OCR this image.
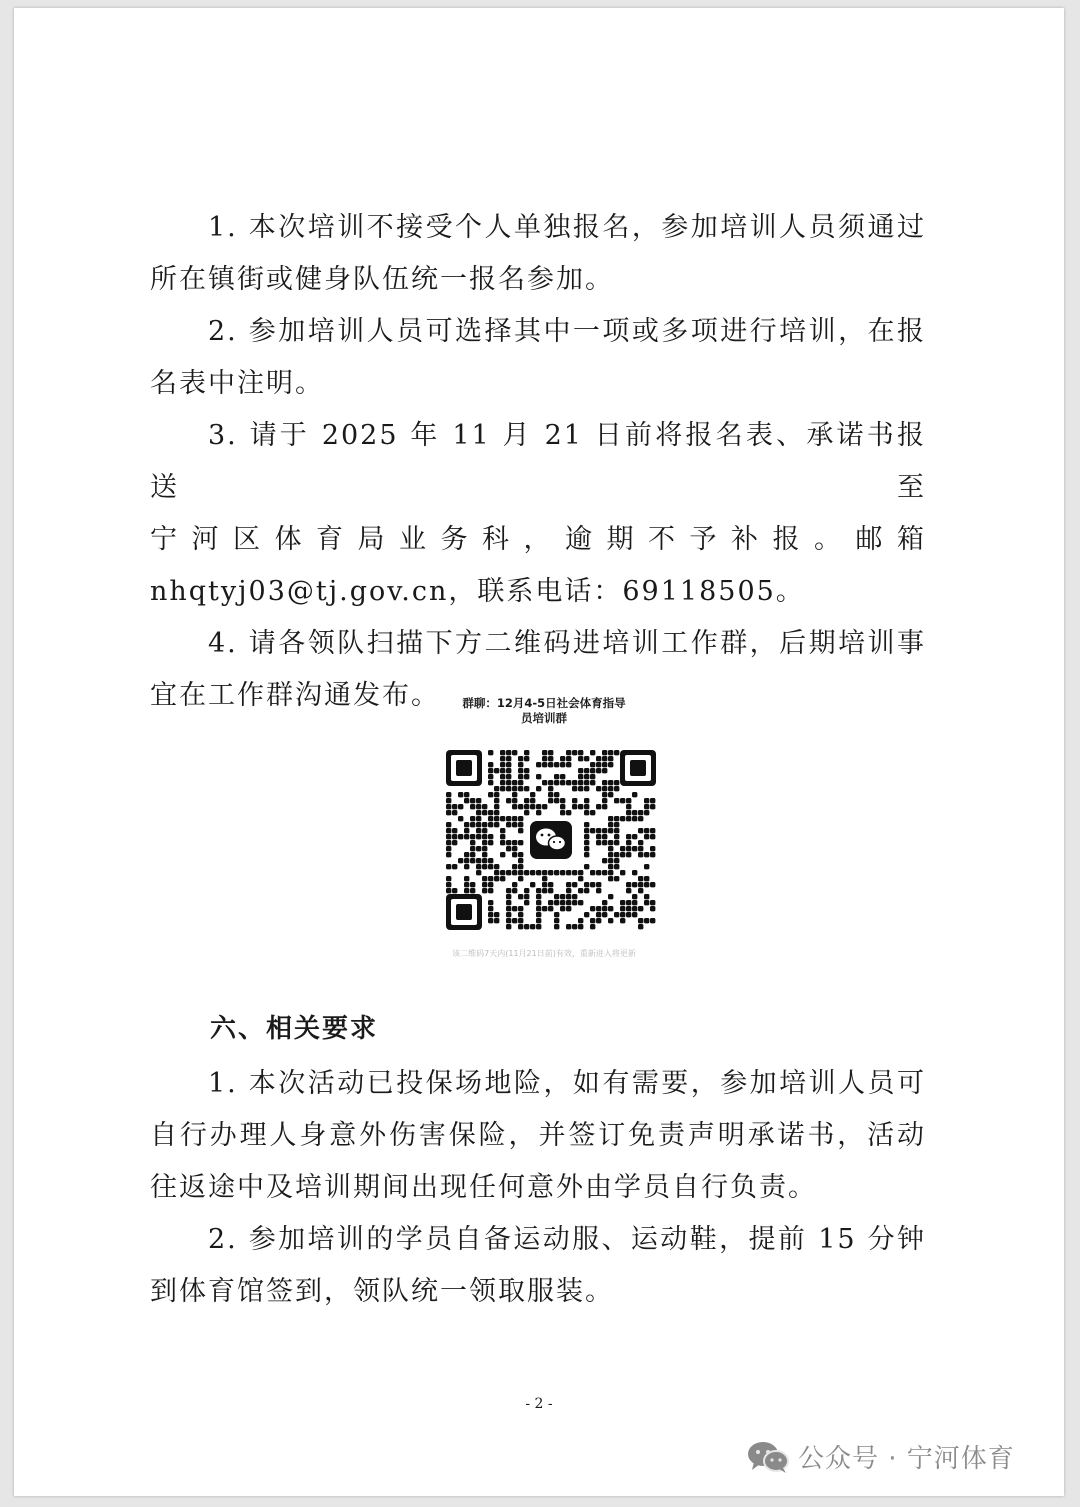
1. 本次培训不接受个人单独报名，参加培训人员须通过
所在镇街或健身队伍统一报名参加。

2. 参加培训人员可选择其中一项或多项进行培训，在报
名表中注明。

3. 请于 2025 年 11 月 21 日前将报名表、承诺书报送至
宁河区体育局业务科，逾期不予补报。邮箱
nhqtyj03@tj.gov.cn，联系电话：69118505。

4. 请各领队扫描下方二维码进培训工作群，后期培训事
宜在工作群沟通发布。	群聊：12月4-5日社会体育指导
员培训群
该二维码7天内(11月21日前)有效，重新进入将更新
六、相关要求

1. 本次活动已投保场地险，如有需要，参加培训人员可
自行办理人身意外伤害保险，并签订免责声明承诺书，活动
往返途中及培训期间出现任何意外由学员自行负责。

2. 参加培训的学员自备运动服、运动鞋，提前 15 分钟
到体育馆签到，领队统一领取服装。

- 2 -
公众号 · 宁河体育
